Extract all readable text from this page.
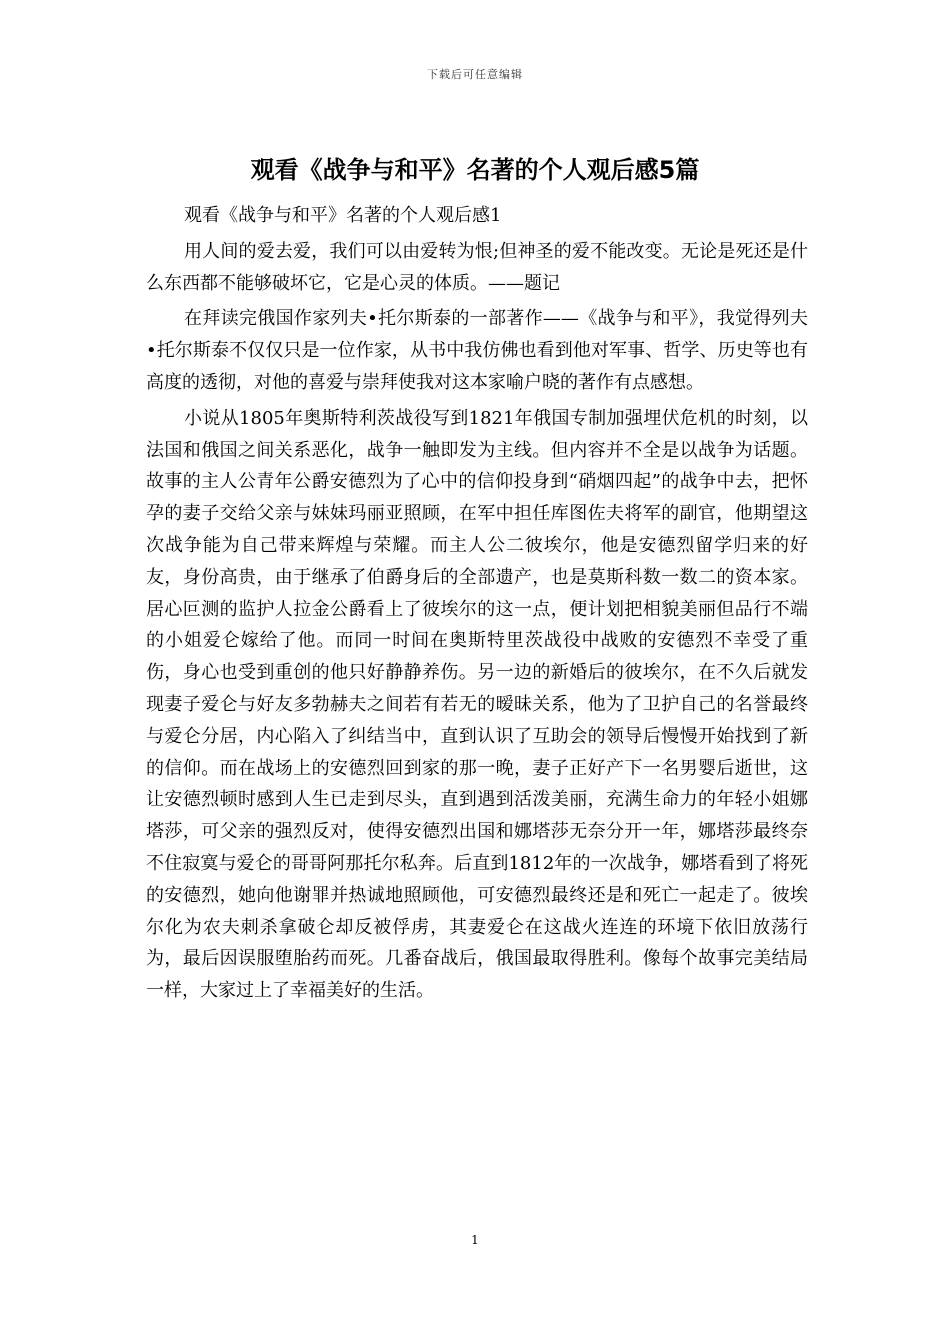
下载后可任意编辑
观看《战争与和平》名著的个人观后感5篇

观看《战争与和平》名著的个人观后感1

用人间的爱去爱，我们可以由爱转为恨;但神圣的爱不能改变。无论是死还是什么东西都不能够破坏它，它是心灵的体质。——题记

在拜读完俄国作家列夫•托尔斯泰的一部著作——《战争与和平》，我觉得列夫•托尔斯泰不仅仅只是一位作家，从书中我仿佛也看到他对军事、哲学、历史等也有高度的透彻，对他的喜爱与崇拜使我对这本家喻户晓的著作有点感想。

小说从1805年奥斯特利茨战役写到1821年俄国专制加强埋伏危机的时刻，以法国和俄国之间关系恶化，战争一触即发为主线。但内容并不全是以战争为话题。故事的主人公青年公爵安德烈为了心中的信仰投身到“硝烟四起”的战争中去，把怀孕的妻子交给父亲与妹妹玛丽亚照顾，在军中担任库图佐夫将军的副官，他期望这次战争能为自己带来辉煌与荣耀。而主人公二彼埃尔，他是安德烈留学归来的好友，身份高贵，由于继承了伯爵身后的全部遗产，也是莫斯科数一数二的资本家。居心叵测的监护人拉金公爵看上了彼埃尔的这一点，便计划把相貌美丽但品行不端的小姐爱仑嫁给了他。而同一时间在奥斯特里茨战役中战败的安德烈不幸受了重伤，身心也受到重创的他只好静静养伤。另一边的新婚后的彼埃尔，在不久后就发现妻子爱仑与好友多勃赫夫之间若有若无的暧昧关系，他为了卫护自己的名誉最终与爱仑分居，内心陷入了纠结当中，直到认识了互助会的领导后慢慢开始找到了新的信仰。而在战场上的安德烈回到家的那一晚，妻子正好产下一名男婴后逝世，这让安德烈顿时感到人生已走到尽头，直到遇到活泼美丽，充满生命力的年轻小姐娜塔莎，可父亲的强烈反对，使得安德烈出国和娜塔莎无奈分开一年，娜塔莎最终奈不住寂寞与爱仑的哥哥阿那托尔私奔。后直到1812年的一次战争，娜塔看到了将死的安德烈，她向他谢罪并热诚地照顾他，可安德烈最终还是和死亡一起走了。彼埃尔化为农夫刺杀拿破仑却反被俘虏，其妻爱仑在这战火连连的环境下依旧放荡行为，最后因误服堕胎药而死。几番奋战后，俄国最取得胜利。像每个故事完美结局一样，大家过上了幸福美好的生活。

1
